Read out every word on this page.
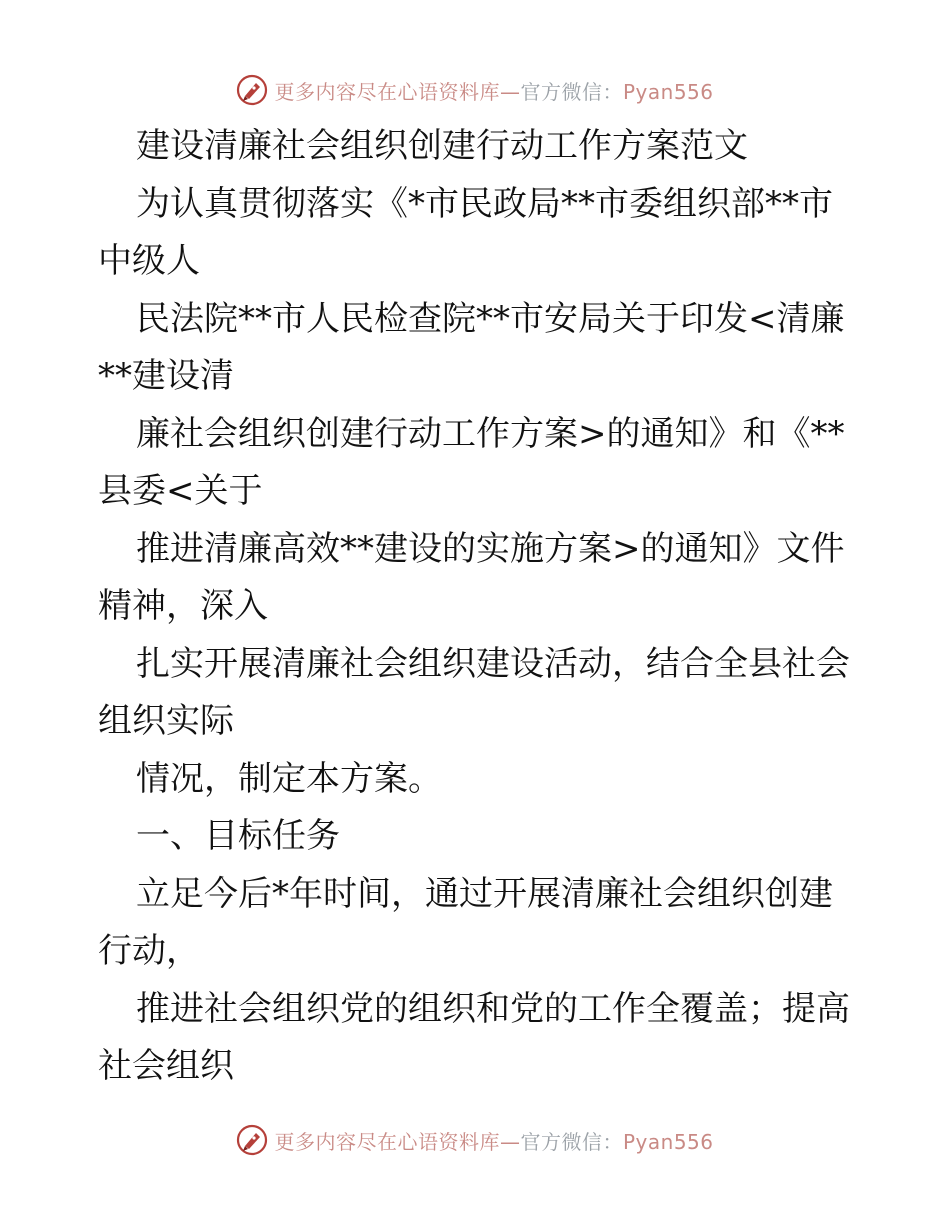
更多内容尽在心语资料库—官方微信：Pyan556
建设清廉社会组织创建行动工作方案范文
为认真贯彻落实《*市民政局**市委组织部**市
中级人
民法院**市人民检查院**市安局关于印发<清廉
**建设清
廉社会组织创建行动工作方案>的通知》和《**
县委<关于
推进清廉高效**建设的实施方案>的通知》文件
精神，深入
扎实开展清廉社会组织建设活动，结合全县社会
组织实际
情况，制定本方案。
一、目标任务
立足今后*年时间，通过开展清廉社会组织创建
行动，
推进社会组织党的组织和党的工作全覆盖；提高
社会组织
更多内容尽在心语资料库—官方微信：Pyan556
